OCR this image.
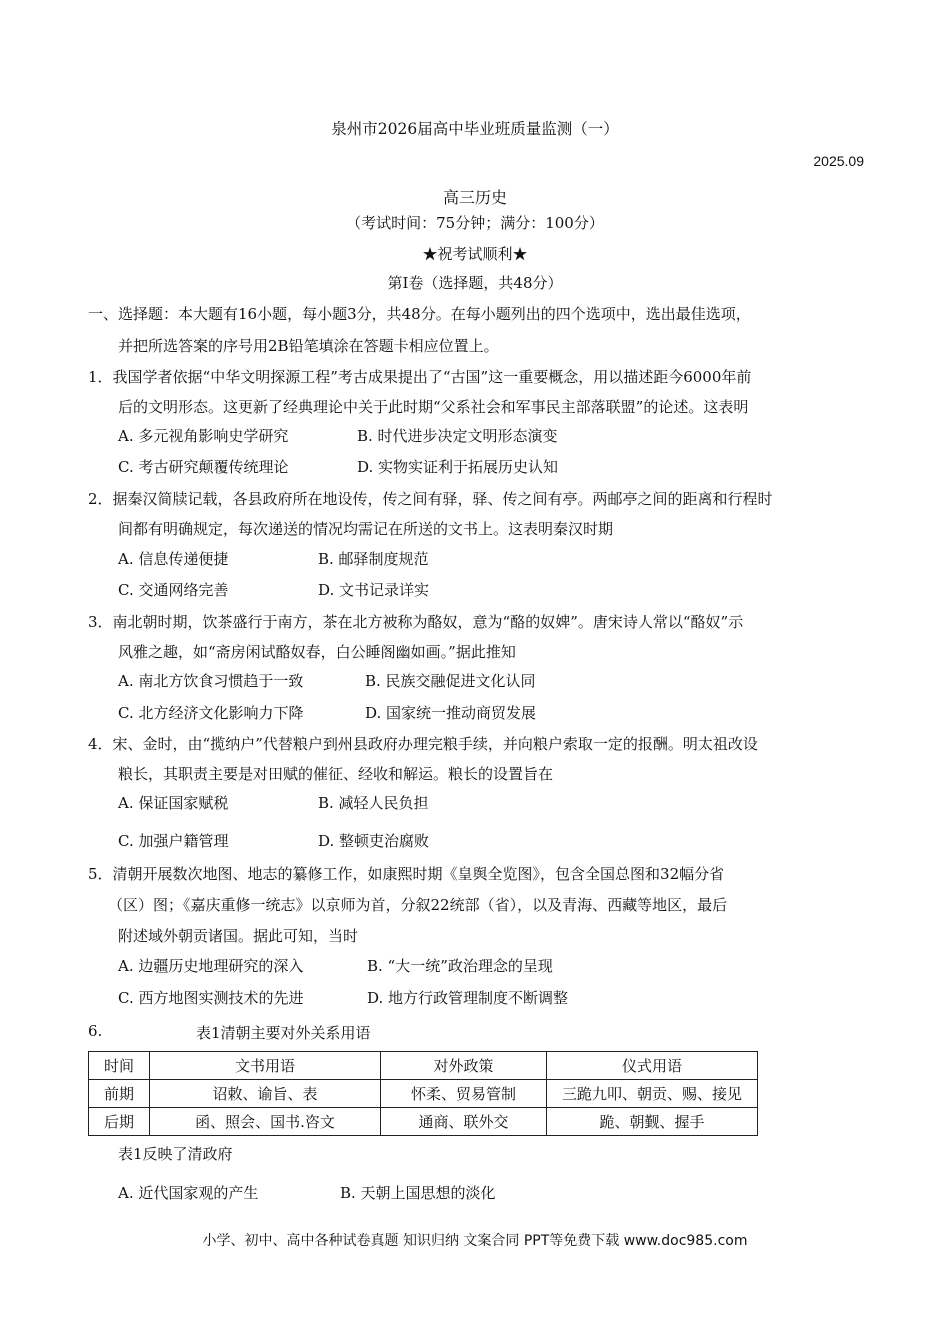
泉州市2026届高中毕业班质量监测（一）
2025.09
高三历史
（考试时间：75分钟；满分：100分）
★祝考试顺利★
第I卷（选择题，共48分）
一、选择题：本大题有16小题，每小题3分，共48分。在每小题列出的四个选项中，选出最佳选项，
并把所选答案的序号用2B铅笔填涂在答题卡相应位置上。
1．我国学者依据“中华文明探源工程”考古成果提出了“古国”这一重要概念，用以描述距今6000年前
后的文明形态。这更新了经典理论中关于此时期“父系社会和军事民主部落联盟”的论述。这表明
A. 多元视角影响史学研究	B. 时代进步决定文明形态演变
C. 考古研究颠覆传统理论	D. 实物实证利于拓展历史认知
2．据秦汉简牍记载，各县政府所在地设传，传之间有驿，驿、传之间有亭。两邮亭之间的距离和行程时
间都有明确规定，每次递送的情况均需记在所送的文书上。这表明秦汉时期
A. 信息传递便捷	B. 邮驿制度规范
C. 交通网络完善	D. 文书记录详实
3．南北朝时期，饮茶盛行于南方，茶在北方被称为酪奴，意为“酪的奴婢”。唐宋诗人常以“酪奴”示
风雅之趣，如“斋房闲试酪奴春，白公睡阁幽如画。”据此推知
A. 南北方饮食习惯趋于一致	B. 民族交融促进文化认同
C. 北方经济文化影响力下降	D. 国家统一推动商贸发展
4．宋、金时，由“揽纳户”代替粮户到州县政府办理完粮手续，并向粮户索取一定的报酬。明太祖改设
粮长，其职责主要是对田赋的催征、经收和解运。粮长的设置旨在
A. 保证国家赋税	B. 减轻人民负担
C. 加强户籍管理	D. 整顿吏治腐败
5．清朝开展数次地图、地志的纂修工作，如康熙时期《皇舆全览图》，包含全国总图和32幅分省
（区）图；《嘉庆重修一统志》以京师为首，分叙22统部（省），以及青海、西藏等地区，最后
附述域外朝贡诸国。据此可知，当时
A. 边疆历史地理研究的深入	B. “大一统”政治理念的呈现
C. 西方地图实测技术的先进	D. 地方行政管理制度不断调整
6.	表1清朝主要对外关系用语
时间	文书用语	对外政策	仪式用语
前期	诏敕、谕旨、表	怀柔、贸易管制	三跪九叩、朝贡、赐、接见
后期	函、照会、国书.咨文	通商、联外交	跪、朝觐、握手
表1反映了清政府
A. 近代国家观的产生	B. 天朝上国思想的淡化
小学、初中、高中各种试卷真题 知识归纳 文案合同 PPT等免费下载 www.doc985.com
